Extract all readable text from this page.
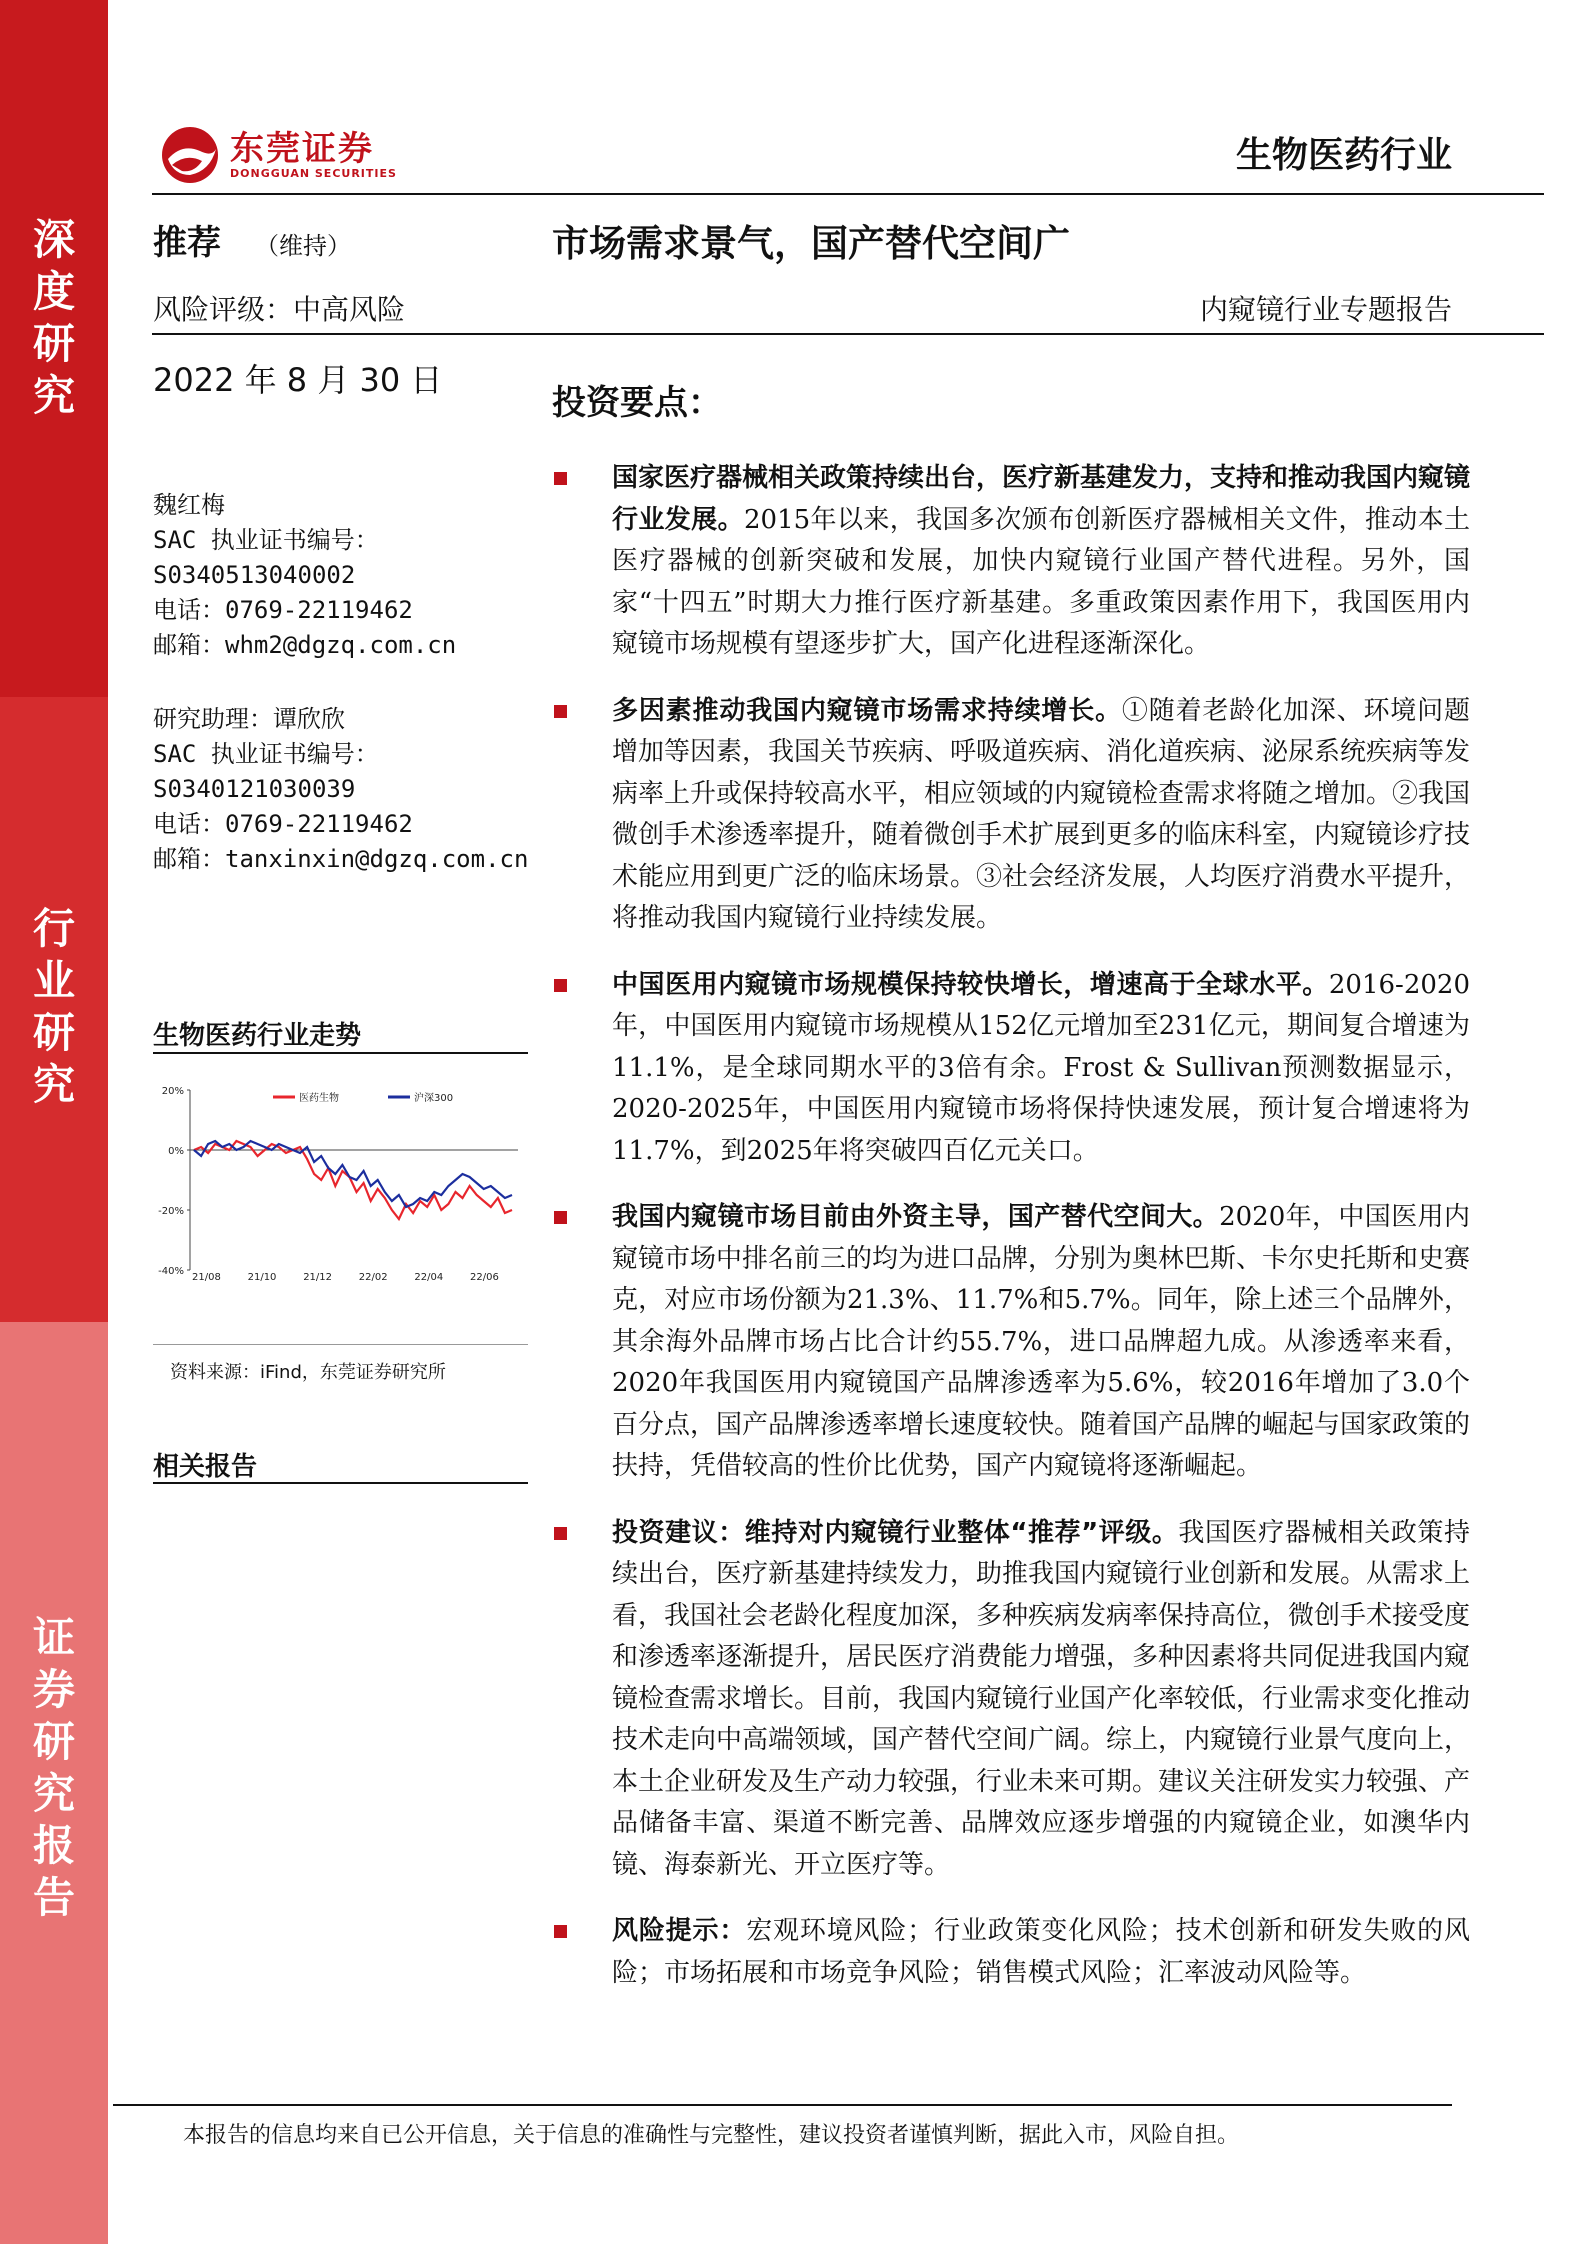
深
度
研
究
行
业
研
究
证
券
研
究
报
告
东莞证券
DONGGUAN SECURITIES	生物医药行业
推荐 （维持）	市场需求景气，国产替代空间广
风险评级：中高风险	内窥镜行业专题报告
2022 年 8 月 30 日
魏红梅
SAC 执业证书编号：
S0340513040002
电话：0769-22119462
邮箱：whm2@dgzq.com.cn
研究助理：谭欣欣
SAC 执业证书编号：
S0340121030039
电话：0769-22119462
邮箱：tanxinxin@dgzq.com.cn
生物医药行业走势
20%
0%
-20%
-40%
21/08	21/10	21/12	22/02	22/04	22/06
医药生物	沪深300
资料来源：iFind，东莞证券研究所
相关报告
投资要点：
国家医疗器械相关政策持续出台，医疗新基建发力，支持和推动我国内窥镜行业发展。2015年以来，我国多次颁布创新医疗器械相关文件，推动本土医疗器械的创新突破和发展，加快内窥镜行业国产替代进程。另外，国家“十四五”时期大力推行医疗新基建。多重政策因素作用下，我国医用内窥镜市场规模有望逐步扩大，国产化进程逐渐深化。
多因素推动我国内窥镜市场需求持续增长。①随着老龄化加深、环境问题增加等因素，我国关节疾病、呼吸道疾病、消化道疾病、泌尿系统疾病等发病率上升或保持较高水平，相应领域的内窥镜检查需求将随之增加。②我国微创手术渗透率提升，随着微创手术扩展到更多的临床科室，内窥镜诊疗技术能应用到更广泛的临床场景。③社会经济发展，人均医疗消费水平提升，将推动我国内窥镜行业持续发展。
中国医用内窥镜市场规模保持较快增长，增速高于全球水平。2016-2020年，中国医用内窥镜市场规模从152亿元增加至231亿元，期间复合增速为11.1%，是全球同期水平的3倍有余。Frost & Sullivan预测数据显示，2020-2025年，中国医用内窥镜市场将保持快速发展，预计复合增速将为11.7%，到2025年将突破四百亿元关口。
我国内窥镜市场目前由外资主导，国产替代空间大。2020年，中国医用内窥镜市场中排名前三的均为进口品牌，分别为奥林巴斯、卡尔史托斯和史赛克，对应市场份额为21.3%、11.7%和5.7%。同年，除上述三个品牌外，其余海外品牌市场占比合计约55.7%，进口品牌超九成。从渗透率来看，2020年我国医用内窥镜国产品牌渗透率为5.6%，较2016年增加了3.0个百分点，国产品牌渗透率增长速度较快。随着国产品牌的崛起与国家政策的扶持，凭借较高的性价比优势，国产内窥镜将逐渐崛起。
投资建议：维持对内窥镜行业整体“推荐”评级。我国医疗器械相关政策持续出台，医疗新基建持续发力，助推我国内窥镜行业创新和发展。从需求上看，我国社会老龄化程度加深，多种疾病发病率保持高位，微创手术接受度和渗透率逐渐提升，居民医疗消费能力增强，多种因素将共同促进我国内窥镜检查需求增长。目前，我国内窥镜行业国产化率较低，行业需求变化推动技术走向中高端领域，国产替代空间广阔。综上，内窥镜行业景气度向上，本土企业研发及生产动力较强，行业未来可期。建议关注研发实力较强、产品储备丰富、渠道不断完善、品牌效应逐步增强的内窥镜企业，如澳华内镜、海泰新光、开立医疗等。
风险提示：宏观环境风险；行业政策变化风险；技术创新和研发失败的风险；市场拓展和市场竞争风险；销售模式风险；汇率波动风险等。
本报告的信息均来自已公开信息，关于信息的准确性与完整性，建议投资者谨慎判断，据此入市，风险自担。
